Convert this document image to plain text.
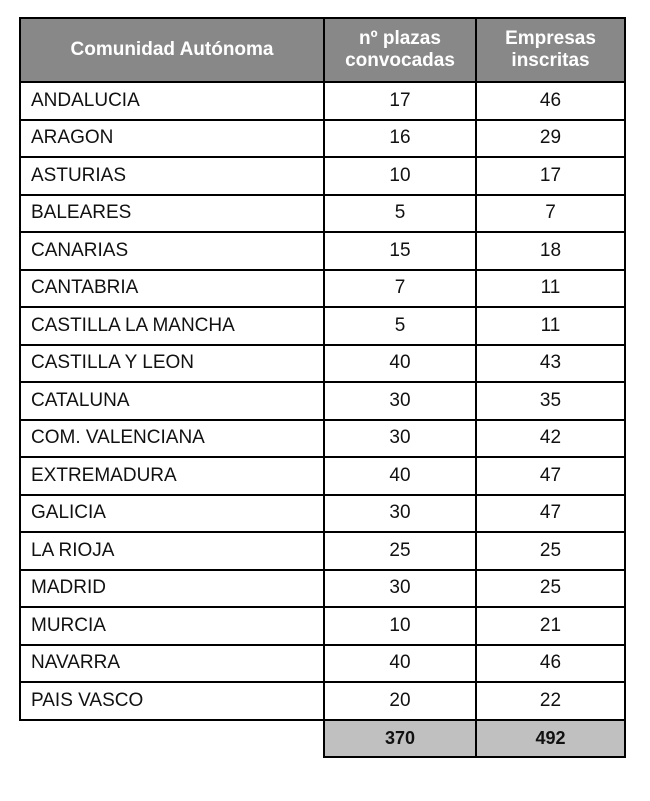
Comunidad Autónoma	nº plazas convocadas	Empresas inscritas
ANDALUCIA	17	46
ARAGON	16	29
ASTURIAS	10	17
BALEARES	5	7
CANARIAS	15	18
CANTABRIA	7	11
CASTILLA LA MANCHA	5	11
CASTILLA Y LEON	40	43
CATALUNA	30	35
COM. VALENCIANA	30	42
EXTREMADURA	40	47
GALICIA	30	47
LA RIOJA	25	25
MADRID	30	25
MURCIA	10	21
NAVARRA	40	46
PAIS VASCO	20	22
	370	492
